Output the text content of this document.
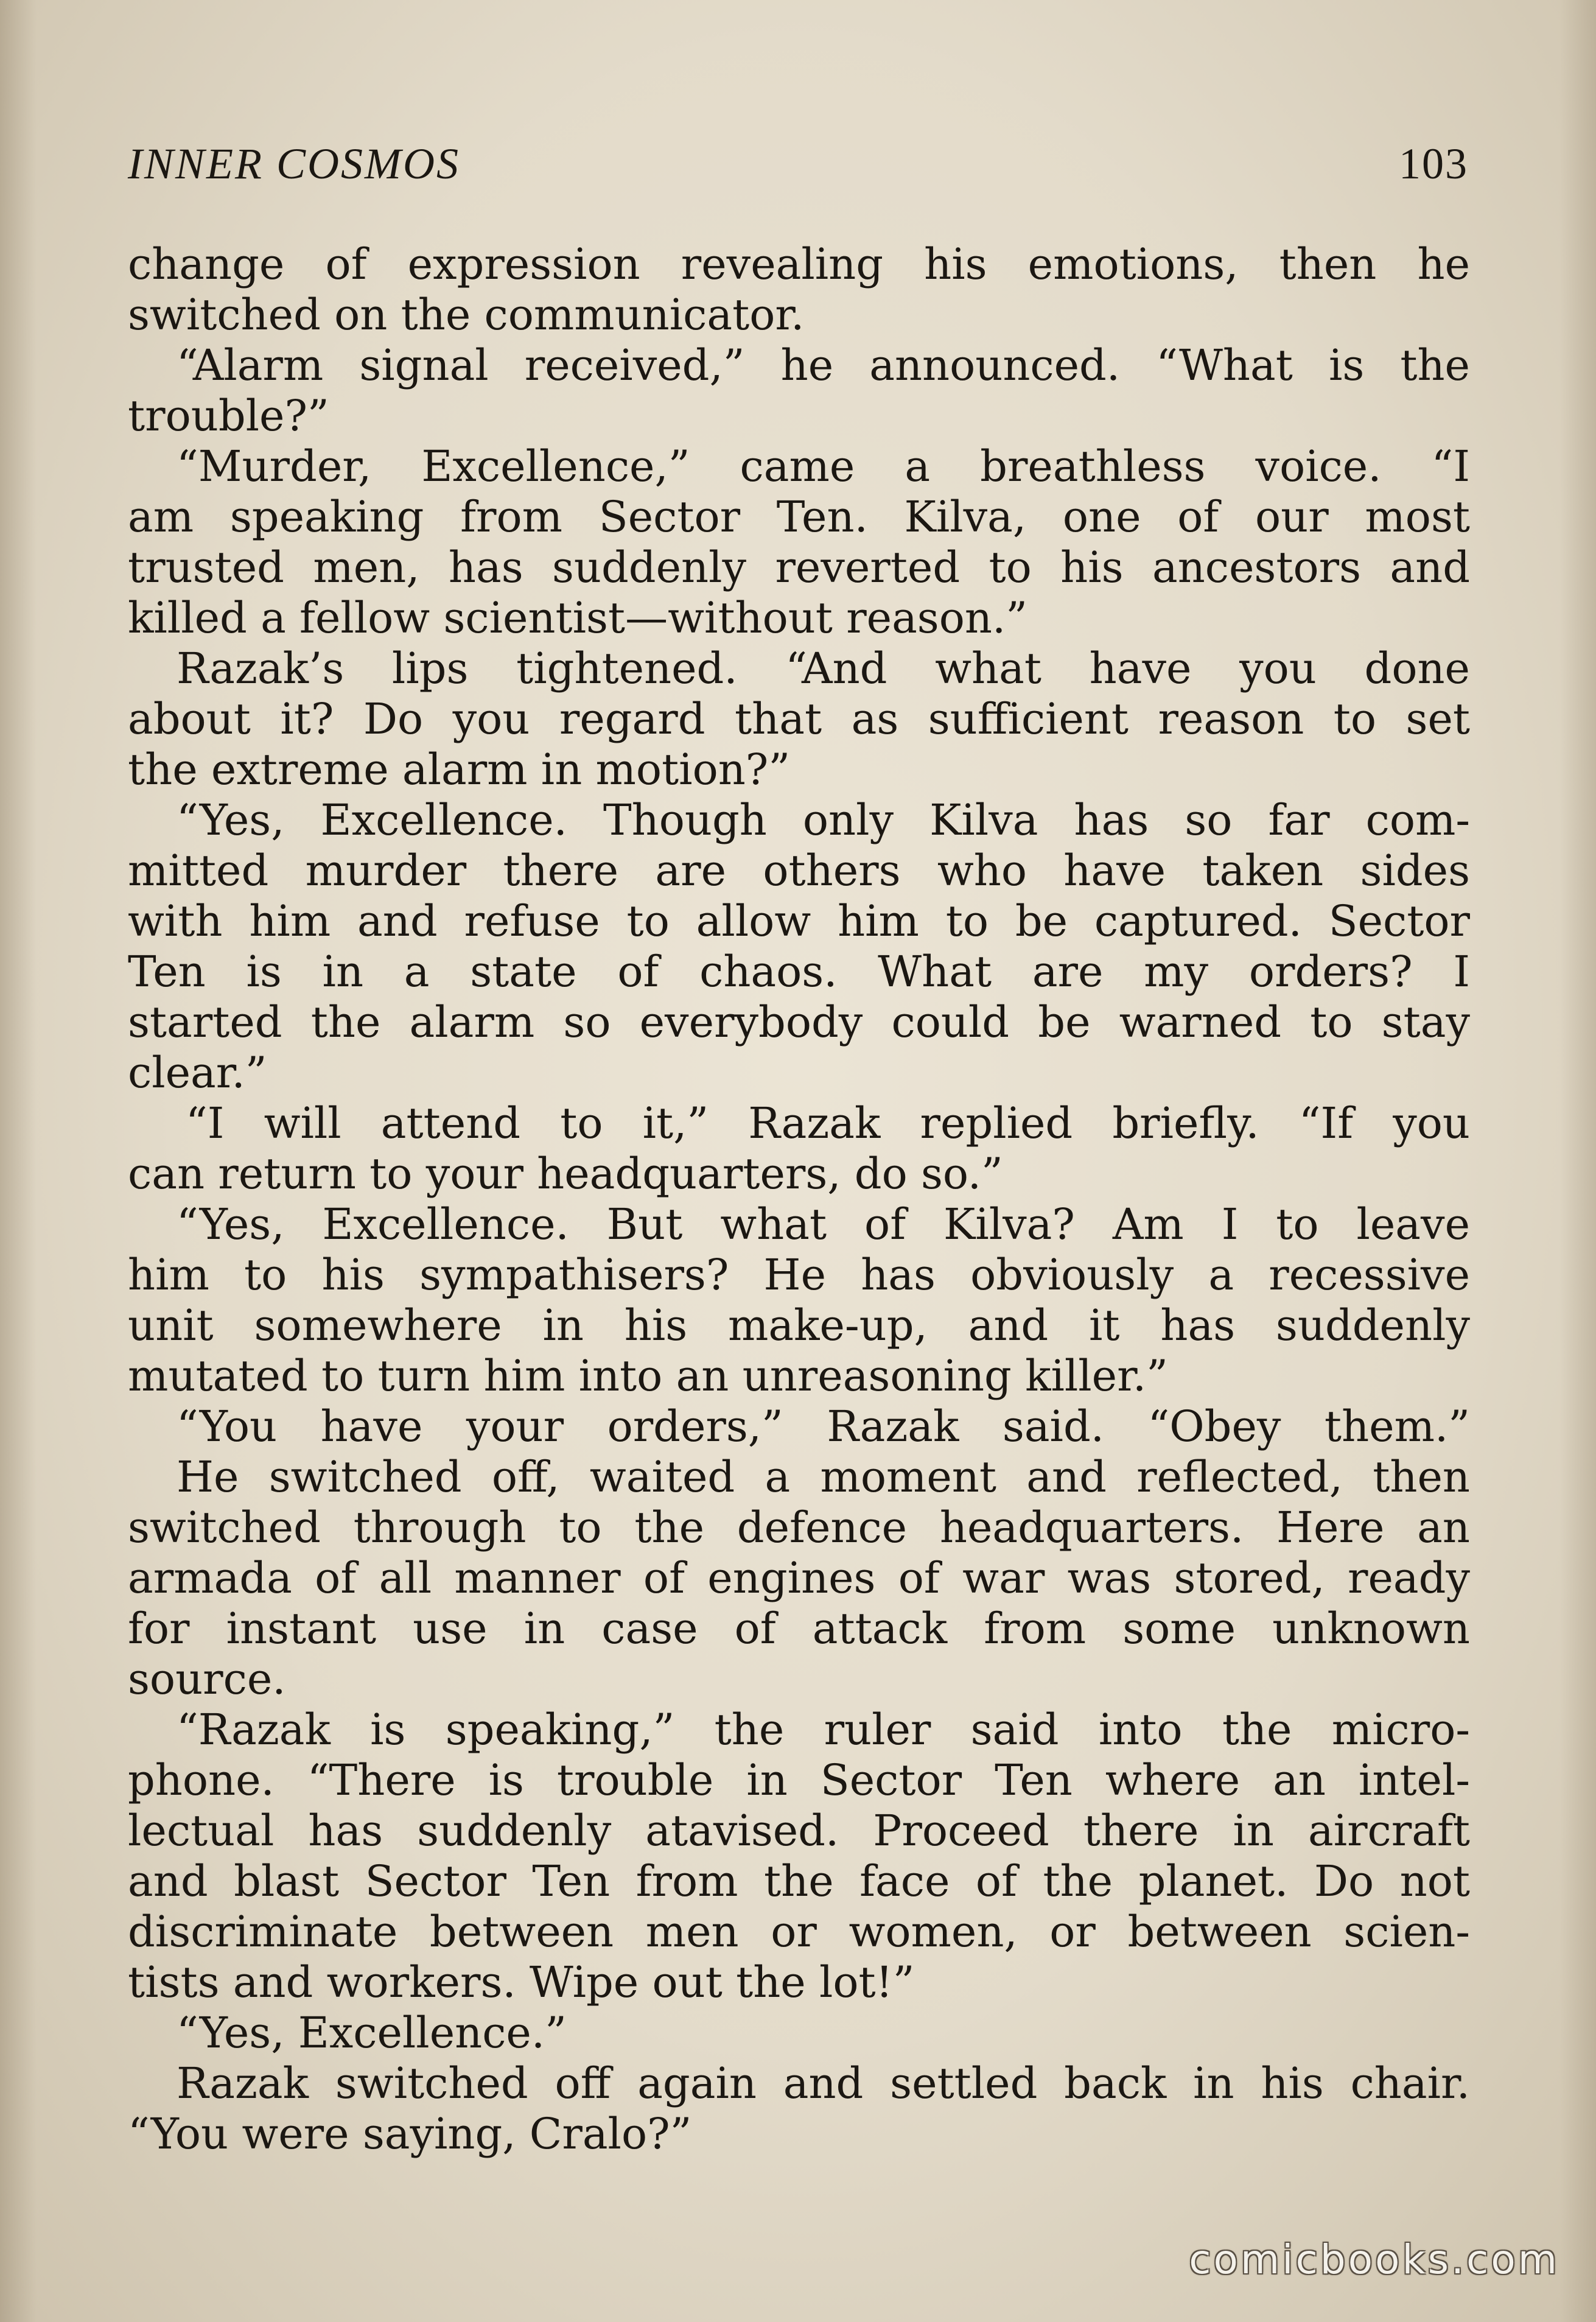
INNER COSMOS	103
change of expression revealing his emotions, then he
switched on the communicator.
“Alarm signal received,” he announced. “What is the
trouble?”
“Murder, Excellence,” came a breathless voice. “I
am speaking from Sector Ten. Kilva, one of our most
trusted men, has suddenly reverted to his ancestors and
killed a fellow scientist—without reason.”
Razak’s lips tightened. “And what have you done
about it? Do you regard that as sufficient reason to set
the extreme alarm in motion?”
“Yes, Excellence. Though only Kilva has so far com-
mitted murder there are others who have taken sides
with him and refuse to allow him to be captured. Sector
Ten is in a state of chaos. What are my orders? I
started the alarm so everybody could be warned to stay
clear.”
“I will attend to it,” Razak replied briefly. “If you
can return to your headquarters, do so.”
“Yes, Excellence. But what of Kilva? Am I to leave
him to his sympathisers? He has obviously a recessive
unit somewhere in his make-up, and it has suddenly
mutated to turn him into an unreasoning killer.”
“You have your orders,” Razak said. “Obey them.”
He switched off, waited a moment and reflected, then
switched through to the defence headquarters. Here an
armada of all manner of engines of war was stored, ready
for instant use in case of attack from some unknown
source.
“Razak is speaking,” the ruler said into the micro-
phone. “There is trouble in Sector Ten where an intel-
lectual has suddenly atavised. Proceed there in aircraft
and blast Sector Ten from the face of the planet. Do not
discriminate between men or women, or between scien-
tists and workers. Wipe out the lot!”
“Yes, Excellence.”
Razak switched off again and settled back in his chair.
“You were saying, Cralo?”
comicbooks.com
